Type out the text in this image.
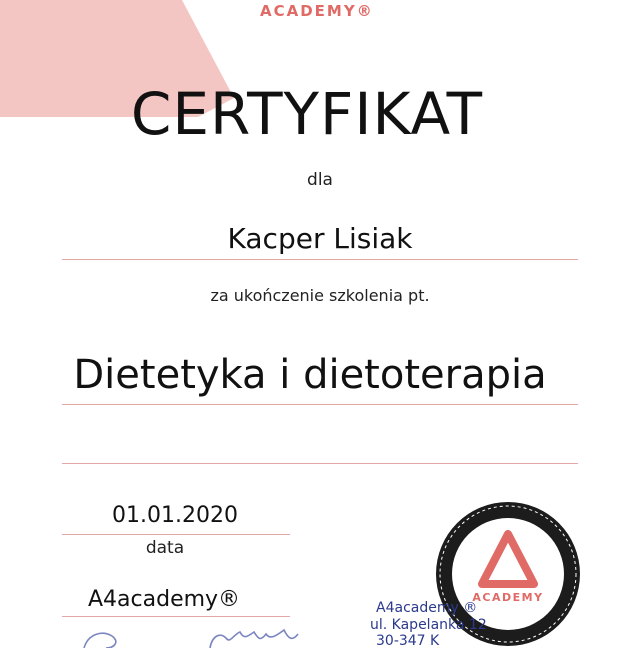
ACADEMY®
CERTYFIKAT
dla
Kacper Lisiak
za ukończenie szkolenia pt.
Dietetyka i dietoterapia
01.01.2020
data
A4academy®	ACADEMY
A4academy ®
ul. Kapelanka 12
30-347 K
